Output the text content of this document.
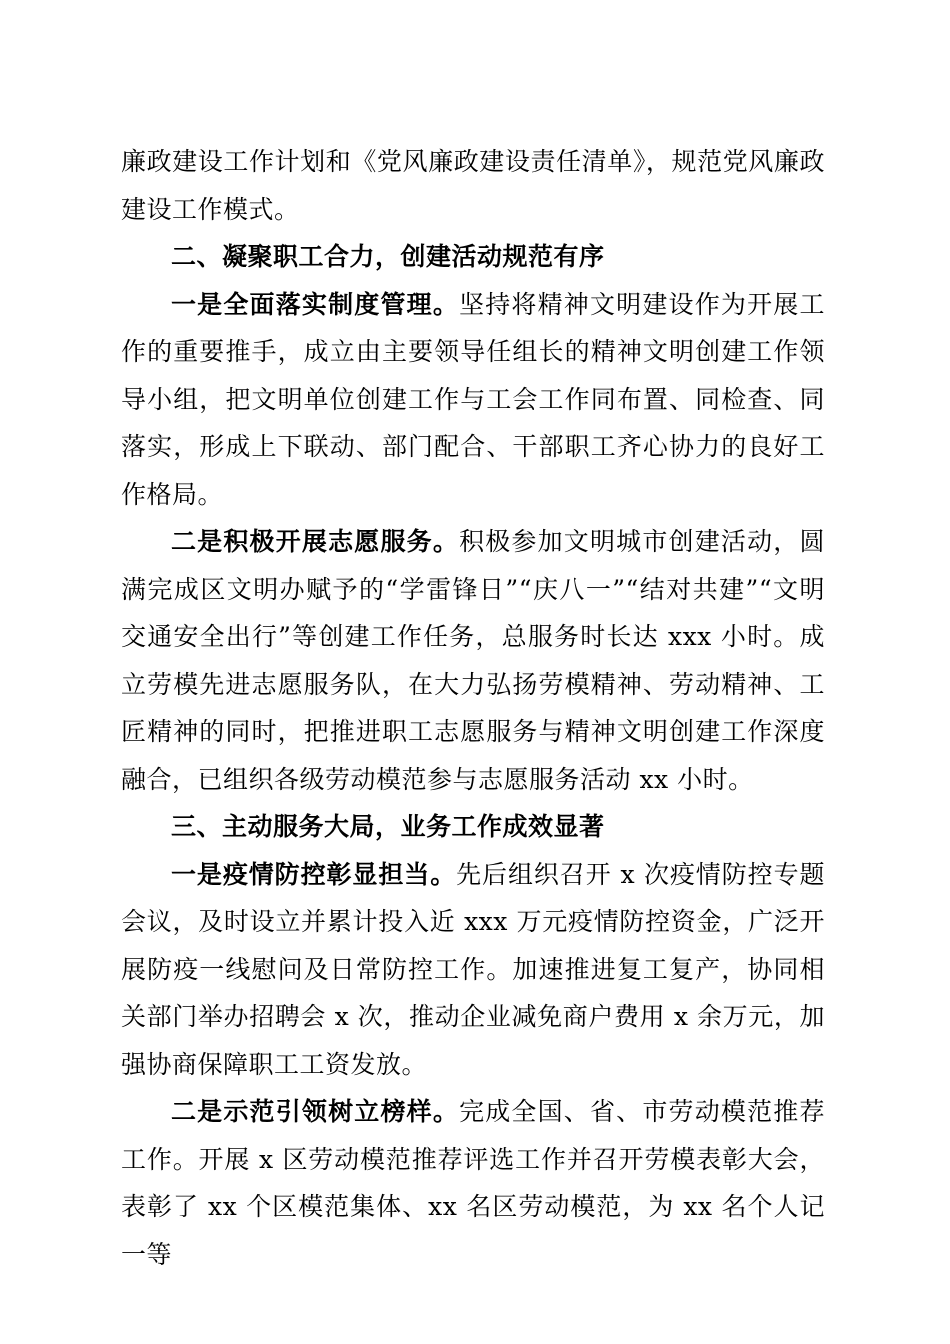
廉政建设工作计划和《党风廉政建设责任清单》，规范党风廉政建设工作模式。

二、凝聚职工合力，创建活动规范有序

一是全面落实制度管理。坚持将精神文明建设作为开展工作的重要推手，成立由主要领导任组长的精神文明创建工作领导小组，把文明单位创建工作与工会工作同布置、同检查、同落实，形成上下联动、部门配合、干部职工齐心协力的良好工作格局。

二是积极开展志愿服务。积极参加文明城市创建活动，圆满完成区文明办赋予的“学雷锋日”“庆八一”“结对共建”“文明交通安全出行”等创建工作任务，总服务时长达 xxx 小时。成立劳模先进志愿服务队，在大力弘扬劳模精神、劳动精神、工匠精神的同时，把推进职工志愿服务与精神文明创建工作深度融合，已组织各级劳动模范参与志愿服务活动 xx 小时。

三、主动服务大局，业务工作成效显著

一是疫情防控彰显担当。先后组织召开 x 次疫情防控专题会议，及时设立并累计投入近 xxx 万元疫情防控资金，广泛开展防疫一线慰问及日常防控工作。加速推进复工复产，协同相关部门举办招聘会 x 次，推动企业减免商户费用 x 余万元，加强协商保障职工工资发放。

二是示范引领树立榜样。完成全国、省、市劳动模范推荐工作。开展 x 区劳动模范推荐评选工作并召开劳模表彰大会，表彰了 xx 个区模范集体、xx 名区劳动模范，为 xx 名个人记一等
